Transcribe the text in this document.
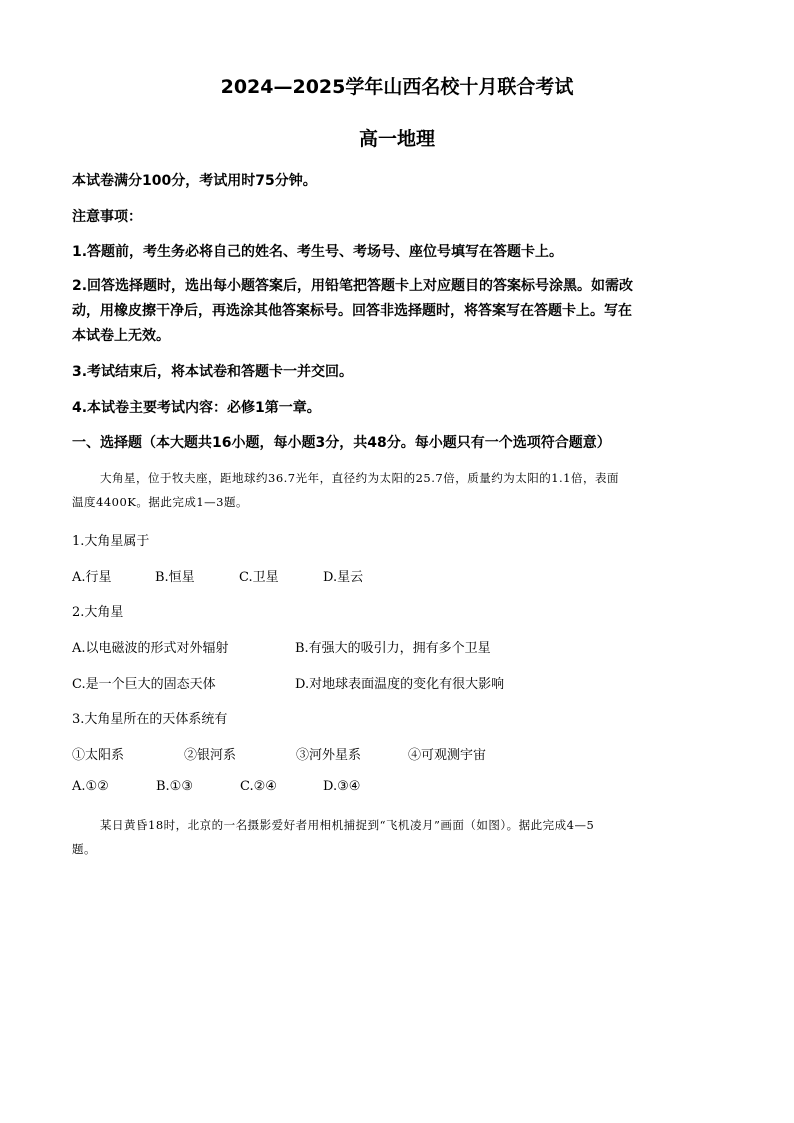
2024—2025学年山西名校十月联合考试
高一地理
本试卷满分100分，考试用时75分钟。
注意事项：
1.答题前，考生务必将自己的姓名、考生号、考场号、座位号填写在答题卡上。
2.回答选择题时，选出每小题答案后，用铅笔把答题卡上对应题目的答案标号涂黑。如需改
动，用橡皮擦干净后，再选涂其他答案标号。回答非选择题时，将答案写在答题卡上。写在
本试卷上无效。
3.考试结束后，将本试卷和答题卡一并交回。
4.本试卷主要考试内容：必修1第一章。
一、选择题（本大题共16小题，每小题3分，共48分。每小题只有一个选项符合题意）
大角星，位于牧夫座，距地球约36.7光年，直径约为太阳的25.7倍，质量约为太阳的1.1倍，表面
温度4400K。据此完成1—3题。
1.大角星属于
A.行星	B.恒星	C.卫星	D.星云
2.大角星
A.以电磁波的形式对外辐射	B.有强大的吸引力，拥有多个卫星
C.是一个巨大的固态天体	D.对地球表面温度的变化有很大影响
3.大角星所在的天体系统有
①太阳系	②银河系	③河外星系	④可观测宇宙
A.①②	B.①③	C.②④	D.③④
某日黄昏18时，北京的一名摄影爱好者用相机捕捉到“飞机凌月”画面（如图）。据此完成4—5
题。
